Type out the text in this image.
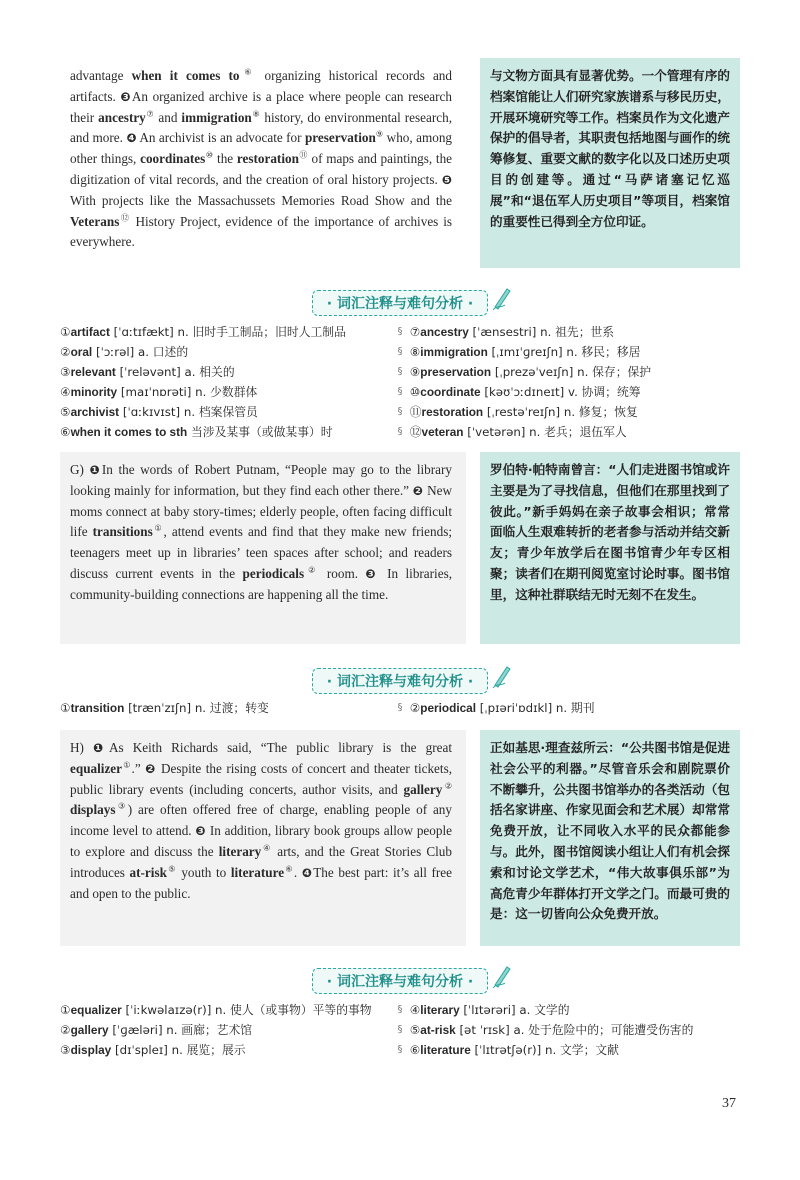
advantage when it comes to⑥ organizing historical records and artifacts. ❸An organized archive is a place where people can research their ancestry⑦ and immigration⑧ history, do environmental research, and more. ❹ An archivist is an advocate for preservation⑨ who, among other things, coordinates⑩ the restoration⑪ of maps and paintings, the digitization of vital records, and the creation of oral history projects. ❺ With projects like the Massachussets Memories Road Show and the Veterans⑫ History Project, evidence of the importance of archives is everywhere.
与文物方面具有显著优势。一个管理有序的档案馆能让人们研究家族谱系与移民历史，开展环境研究等工作。档案员作为文化遗产保护的倡导者，其职责包括地图与画作的统筹修复、重要文献的数字化以及口述历史项目的创建等。通过“马萨诸塞记忆巡展”和“退伍军人历史项目”等项目，档案馆的重要性已得到全方位印证。
· 词汇注释与难句分析 ·
①artifact [ˈɑːtɪfækt] n. 旧时手工制品；旧时人工制品
②oral [ˈɔːrəl] a. 口述的
③relevant [ˈreləvənt] a. 相关的
④minority [maɪˈnɒrəti] n. 少数群体
⑤archivist [ˈɑːkɪvɪst] n. 档案保管员
⑥when it comes to sth 当涉及某事（或做某事）时
§
§
§
§
§
§
⑦ancestry [ˈænsestri] n. 祖先；世系
⑧immigration [ˌɪmɪˈɡreɪʃn] n. 移民；移居
⑨preservation [ˌprezəˈveɪʃn] n. 保存；保护
⑩coordinate [kəʊˈɔːdɪneɪt] v. 协调；统筹
⑪restoration [ˌrestəˈreɪʃn] n. 修复；恢复
⑫veteran [ˈvetərən] n. 老兵；退伍军人
G) ❶In the words of Robert Putnam, “People may go to the library looking mainly for information, but they find each other there.” ❷ New moms connect at baby story-times; elderly people, often facing difficult life transitions①, attend events and find that they make new friends; teenagers meet up in libraries’ teen spaces after school; and readers discuss current events in the periodicals② room. ❸ In libraries, community-building connections are happening all the time.
罗伯特·帕特南曾言：“人们走进图书馆或许主要是为了寻找信息，但他们在那里找到了彼此。”新手妈妈在亲子故事会相识；常常面临人生艰难转折的老者参与活动并结交新友；青少年放学后在图书馆青少年专区相聚；读者们在期刊阅览室讨论时事。图书馆里，这种社群联结无时无刻不在发生。
· 词汇注释与难句分析 ·
①transition [trænˈzɪʃn] n. 过渡；转变	§ ②periodical [ˌpɪəriˈɒdɪkl] n. 期刊
H) ❶As Keith Richards said, “The public library is the great equalizer①.” ❷ Despite the rising costs of concert and theater tickets, public library events (including concerts, author visits, and gallery② displays③) are often offered free of charge, enabling people of any income level to attend. ❸ In addition, library book groups allow people to explore and discuss the literary④ arts, and the Great Stories Club introduces at-risk⑤ youth to literature⑥. ❹The best part: it’s all free and open to the public.
正如基思·理查兹所云：“公共图书馆是促进社会公平的利器。”尽管音乐会和剧院票价不断攀升，公共图书馆举办的各类活动（包括名家讲座、作家见面会和艺术展）却常常免费开放，让不同收入水平的民众都能参与。此外，图书馆阅读小组让人们有机会探索和讨论文学艺术，“伟大故事俱乐部”为高危青少年群体打开文学之门。而最可贵的是：这一切皆向公众免费开放。
· 词汇注释与难句分析 ·
①equalizer [ˈiːkwəlaɪzə(r)] n. 使人（或事物）平等的事物
②gallery [ˈɡæləri] n. 画廊；艺术馆
③display [dɪˈspleɪ] n. 展览；展示
§
§
§
④literary [ˈlɪtərəri] a. 文学的
⑤at-risk [ət ˈrɪsk] a. 处于危险中的；可能遭受伤害的
⑥literature [ˈlɪtrətʃə(r)] n. 文学；文献
37
